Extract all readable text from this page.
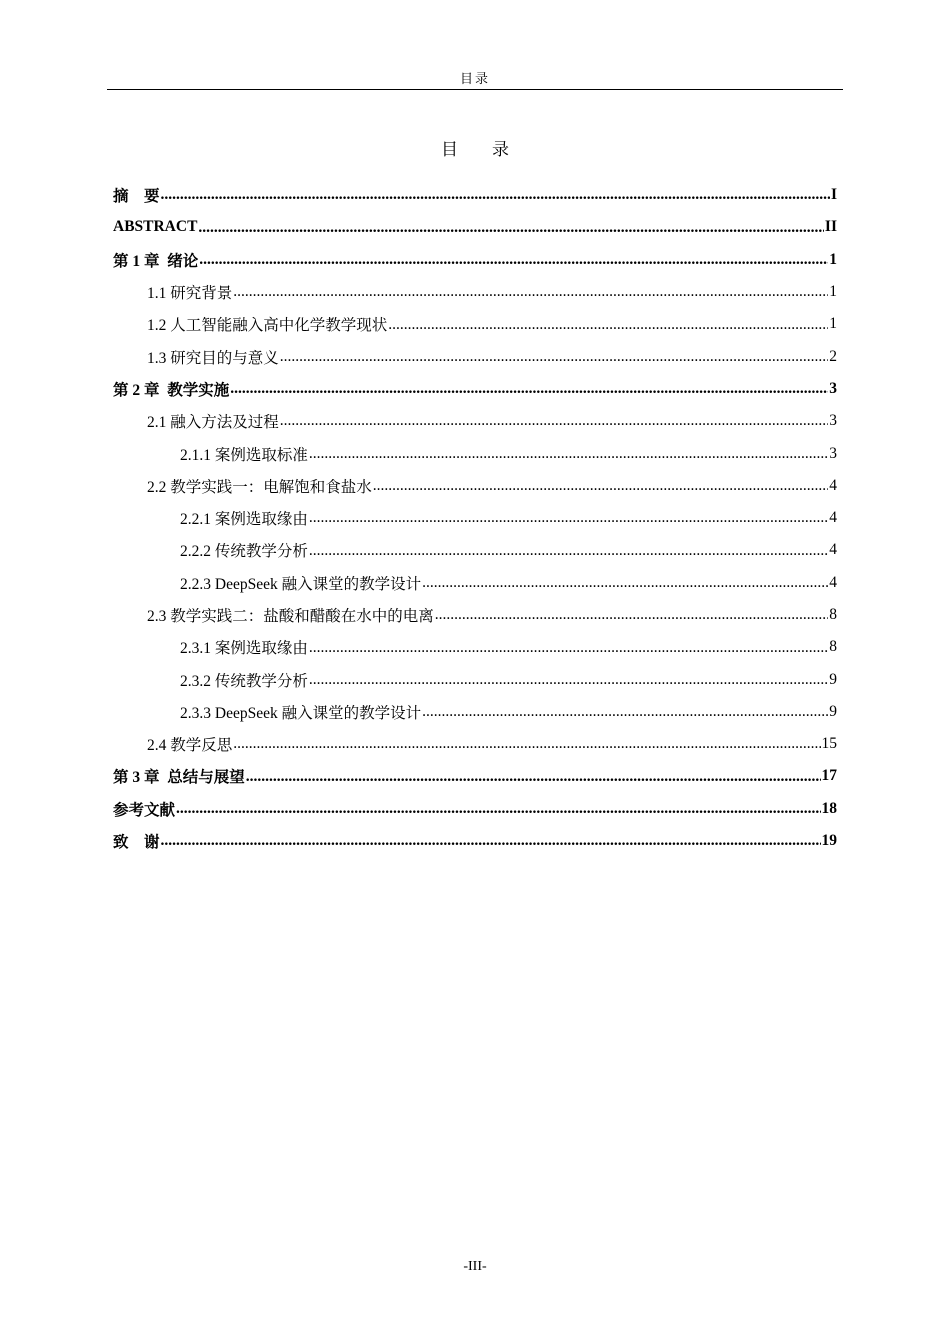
目录
目 录
摘    要 .....	I
ABSTRACT .....	II
第 1 章  绪论 .....	1
1.1 研究背景 .....	1
1.2 人工智能融入高中化学教学现状 .....	1
1.3 研究目的与意义 .....	2
第 2 章  教学实施 .....	3
2.1 融入方法及过程 .....	3
2.1.1 案例选取标准 .....	3
2.2 教学实践一：电解饱和食盐水 .....	4
2.2.1 案例选取缘由 .....	4
2.2.2 传统教学分析 .....	4
2.2.3 DeepSeek 融入课堂的教学设计 .....	4
2.3 教学实践二：盐酸和醋酸在水中的电离 .....	8
2.3.1 案例选取缘由 .....	8
2.3.2 传统教学分析 .....	9
2.3.3 DeepSeek 融入课堂的教学设计 .....	9
2.4 教学反思 .....	15
第 3 章  总结与展望 .....	17
参考文献 .....	18
致    谢 .....	19
-III-
